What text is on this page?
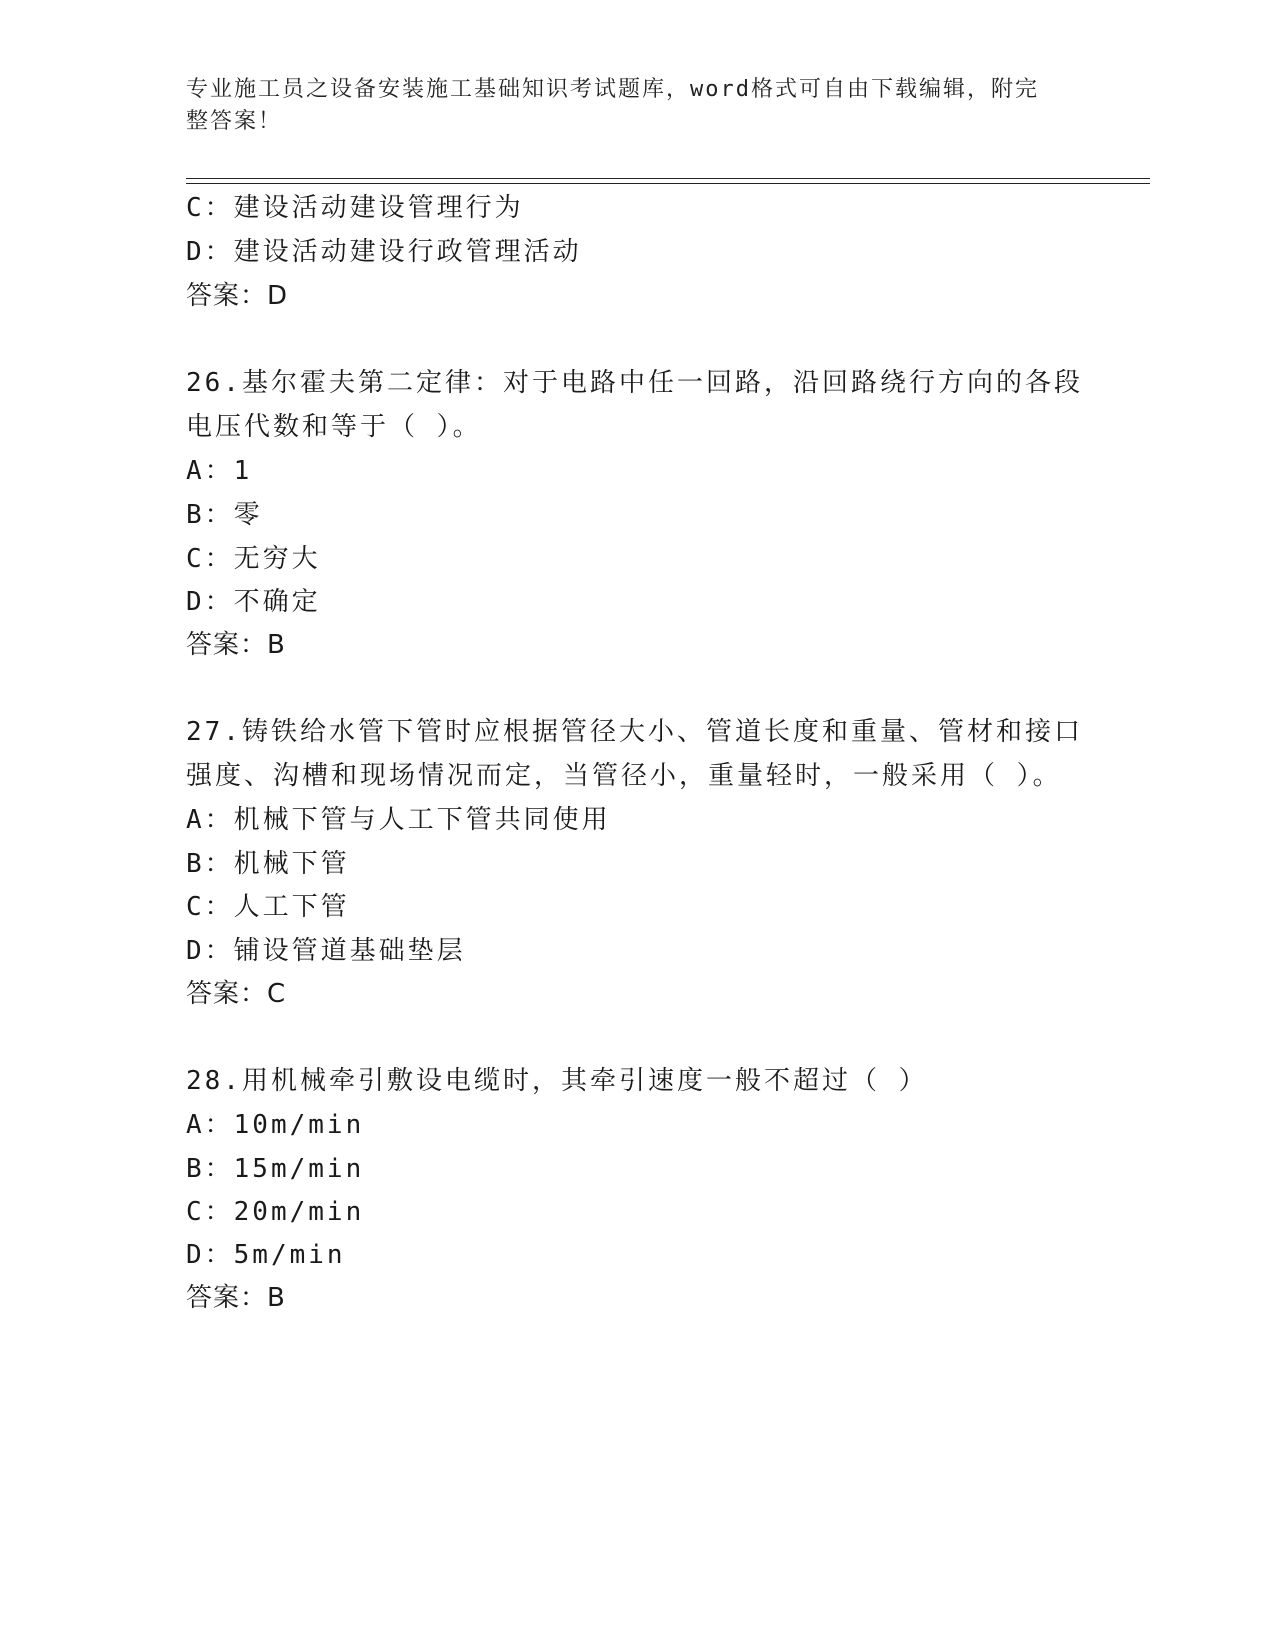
专业施工员之设备安装施工基础知识考试题库，word格式可自由下载编辑，附完
整答案！
C：建设活动建设管理行为
D：建设活动建设行政管理活动
答案：D
26.基尔霍夫第二定律：对于电路中任一回路，沿回路绕行方向的各段
电压代数和等于（ ）。
A：1
B：零
C：无穷大
D：不确定
答案：B
27.铸铁给水管下管时应根据管径大小、管道长度和重量、管材和接口
强度、沟槽和现场情况而定，当管径小，重量轻时，一般采用（ ）。
A：机械下管与人工下管共同使用
B：机械下管
C：人工下管
D：铺设管道基础垫层
答案：C
28.用机械牵引敷设电缆时，其牵引速度一般不超过（ ）
A：10m/min
B：15m/min
C：20m/min
D：5m/min
答案：B
